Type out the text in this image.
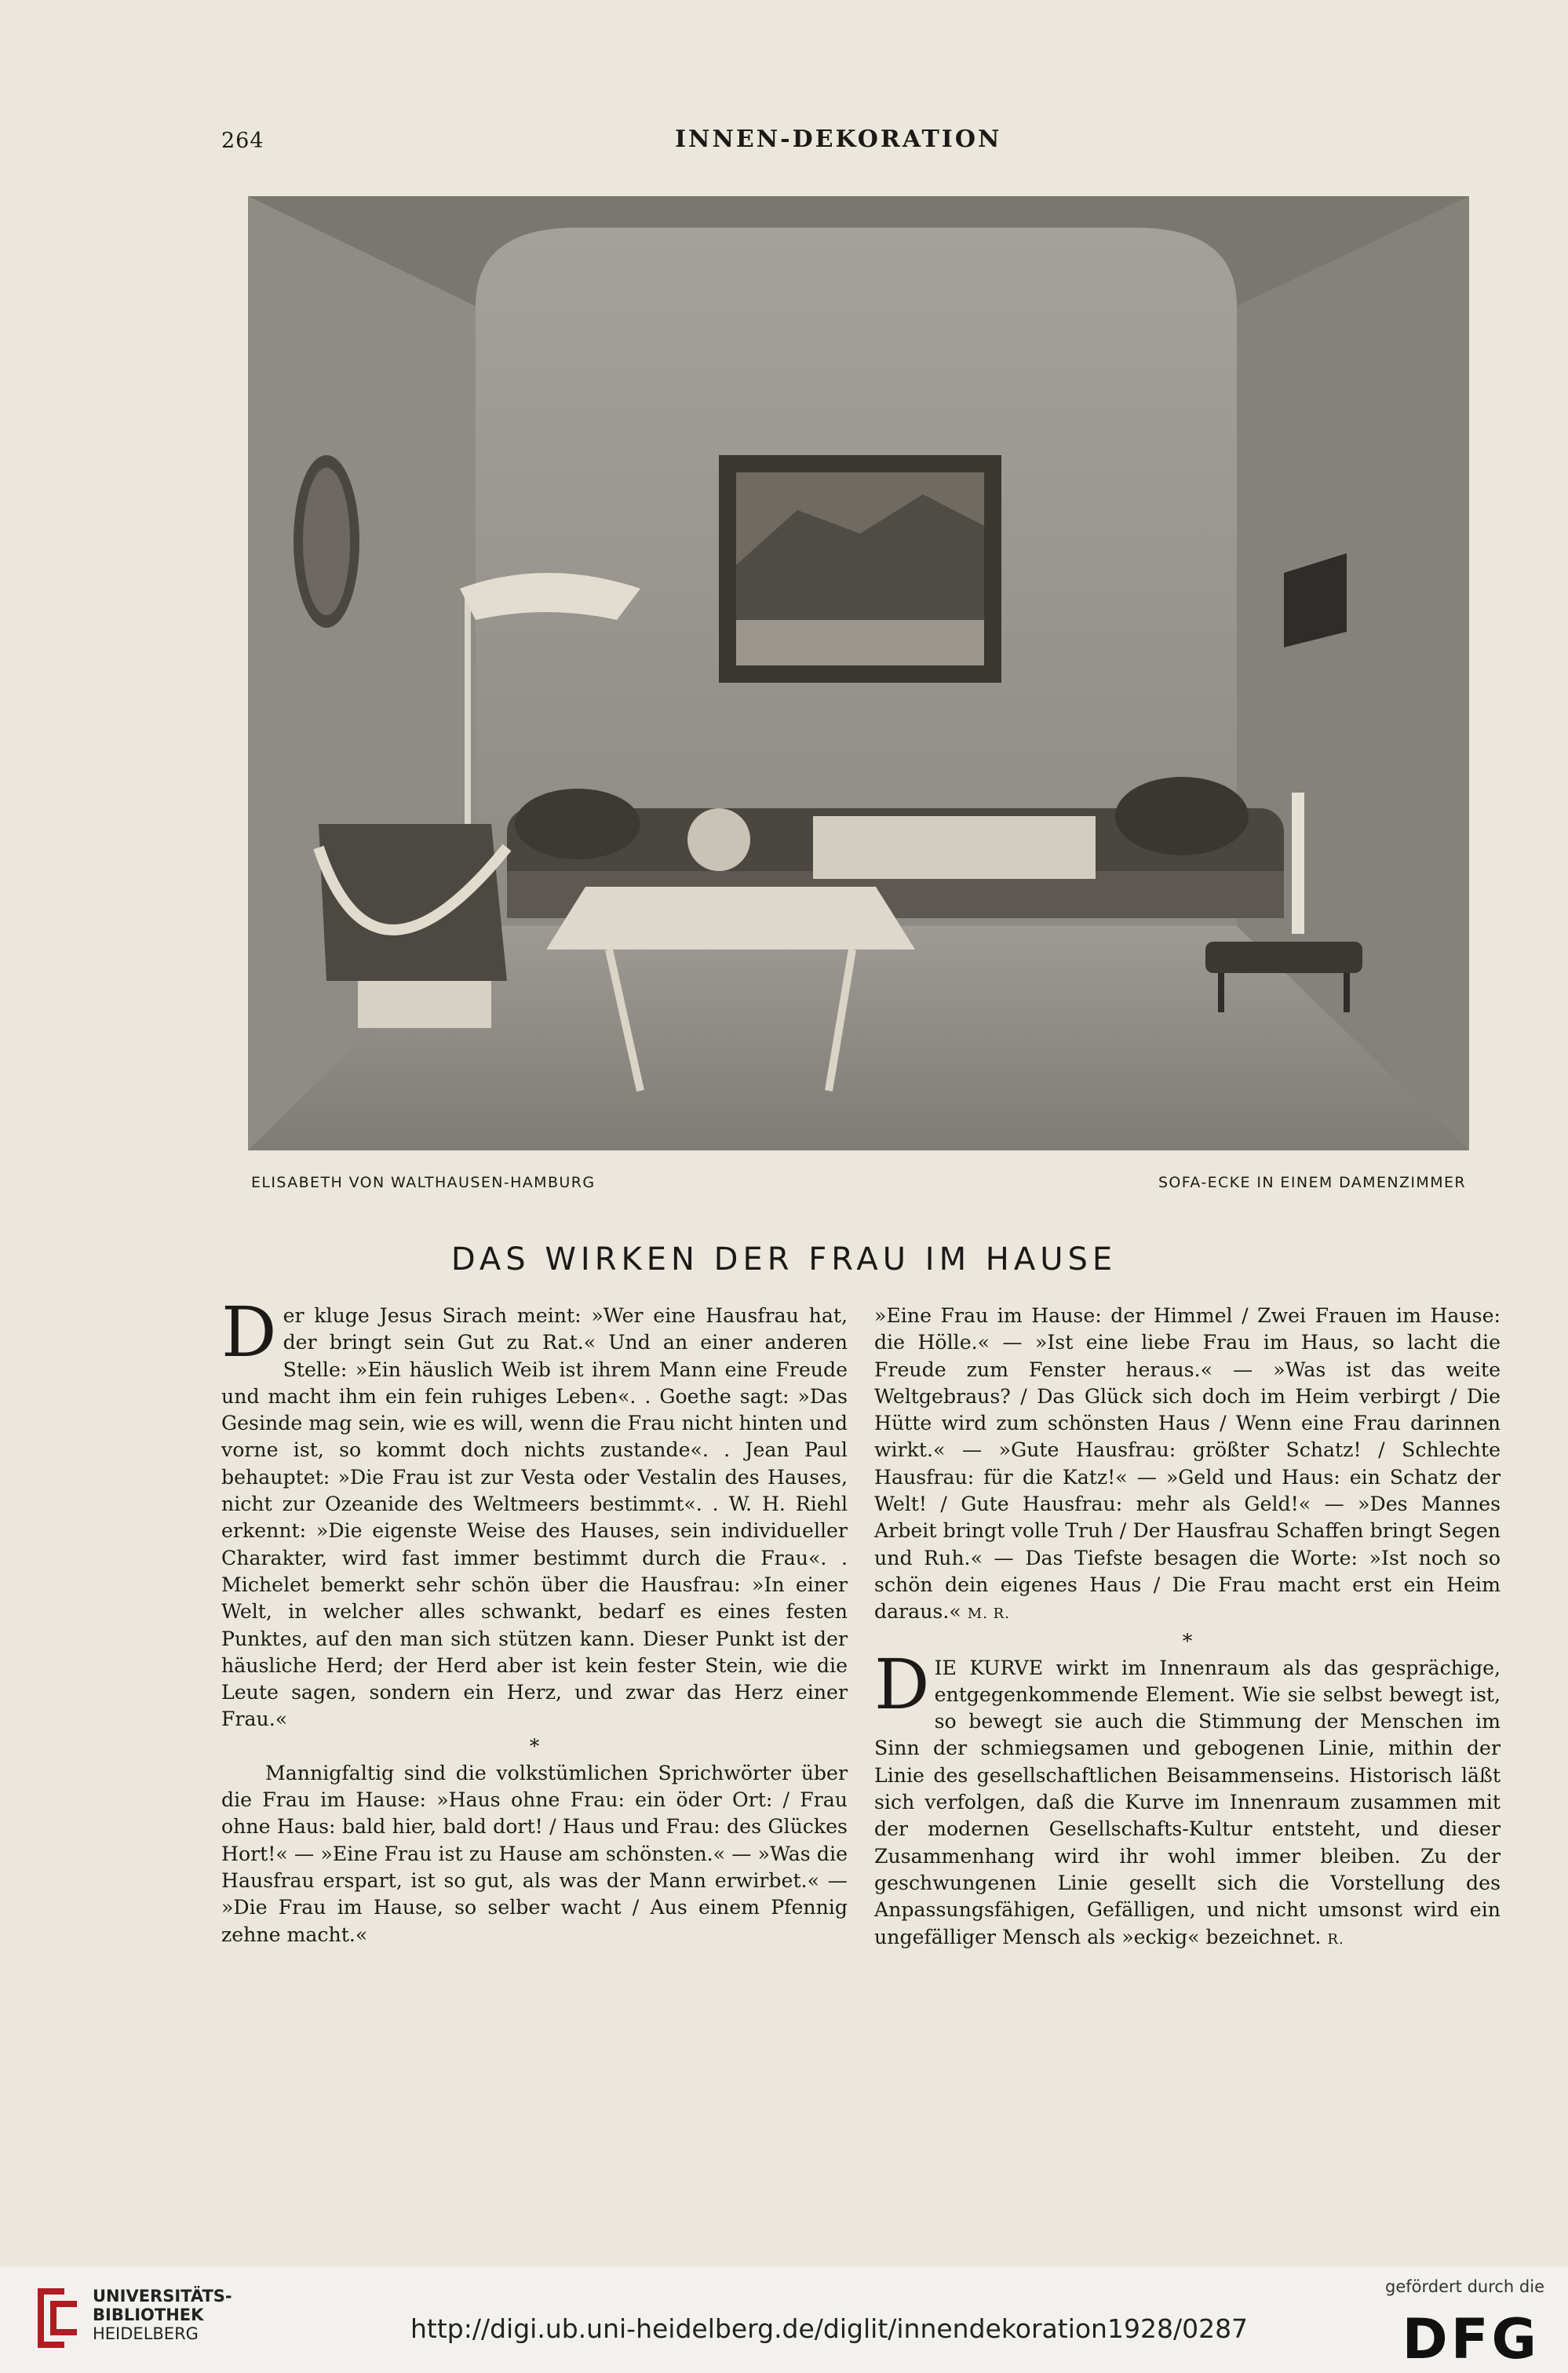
264	INNEN-DEKORATION
ELISABETH VON WALTHAUSEN-HAMBURG	SOFA-ECKE IN EINEM DAMENZIMMER
DAS WIRKEN DER FRAU IM HAUSE

Der kluge Jesus Sirach meint: »Wer eine Hausfrau hat, der bringt sein Gut zu Rat.« Und an einer anderen Stelle: »Ein häuslich Weib ist ihrem Mann eine Freude und macht ihm ein fein ruhiges Leben«. . Goethe sagt: »Das Gesinde mag sein, wie es will, wenn die Frau nicht hinten und vorne ist, so kommt doch nichts zustande«. . Jean Paul behauptet: »Die Frau ist zur Vesta oder Vestalin des Hauses, nicht zur Ozeanide des Weltmeers bestimmt«. . W. H. Riehl erkennt: »Die eigenste Weise des Hauses, sein individueller Charakter, wird fast immer bestimmt durch die Frau«. . Michelet bemerkt sehr schön über die Hausfrau: »In einer Welt, in welcher alles schwankt, bedarf es eines festen Punktes, auf den man sich stützen kann. Dieser Punkt ist der häusliche Herd; der Herd aber ist kein fester Stein, wie die Leute sagen, sondern ein Herz, und zwar das Herz einer Frau.«

*

Mannigfaltig sind die volkstümlichen Sprichwörter über die Frau im Hause: »Haus ohne Frau: ein öder Ort: / Frau ohne Haus: bald hier, bald dort! / Haus und Frau: des Glückes Hort!« — »Eine Frau ist zu Hause am schönsten.« — »Was die Hausfrau erspart, ist so gut, als was der Mann erwirbet.« — »Die Frau im Hause, so selber wacht / Aus einem Pfennig zehne macht.«

»Eine Frau im Hause: der Himmel / Zwei Frauen im Hause: die Hölle.« — »Ist eine liebe Frau im Haus, so lacht die Freude zum Fenster heraus.« — »Was ist das weite Weltgebraus? / Das Glück sich doch im Heim verbirgt / Die Hütte wird zum schönsten Haus / Wenn eine Frau darinnen wirkt.« — »Gute Hausfrau: größter Schatz! / Schlechte Hausfrau: für die Katz!« — »Geld und Haus: ein Schatz der Welt! / Gute Hausfrau: mehr als Geld!« — »Des Mannes Arbeit bringt volle Truh / Der Hausfrau Schaffen bringt Segen und Ruh.« — Das Tiefste besagen die Worte: »Ist noch so schön dein eigenes Haus / Die Frau macht erst ein Heim daraus.« M. R.

*

DIE KURVE wirkt im Innenraum als das gesprächige, entgegenkommende Element. Wie sie selbst bewegt ist, so bewegt sie auch die Stimmung der Menschen im Sinn der schmiegsamen und gebogenen Linie, mithin der Linie des gesellschaftlichen Beisammenseins. Historisch läßt sich verfolgen, daß die Kurve im Innenraum zusammen mit der modernen Gesellschafts-Kultur entsteht, und dieser Zusammenhang wird ihr wohl immer bleiben. Zu der geschwungenen Linie gesellt sich die Vorstellung des Anpassungsfähigen, Gefälligen, und nicht umsonst wird ein ungefälliger Mensch als »eckig« bezeichnet. R.

UNIVERSITÄTS-
BIBLIOTHEK
HEIDELBERG	http://digi.ub.uni-heidelberg.de/diglit/innendekoration1928/0287
gefördert durch die
DFG
